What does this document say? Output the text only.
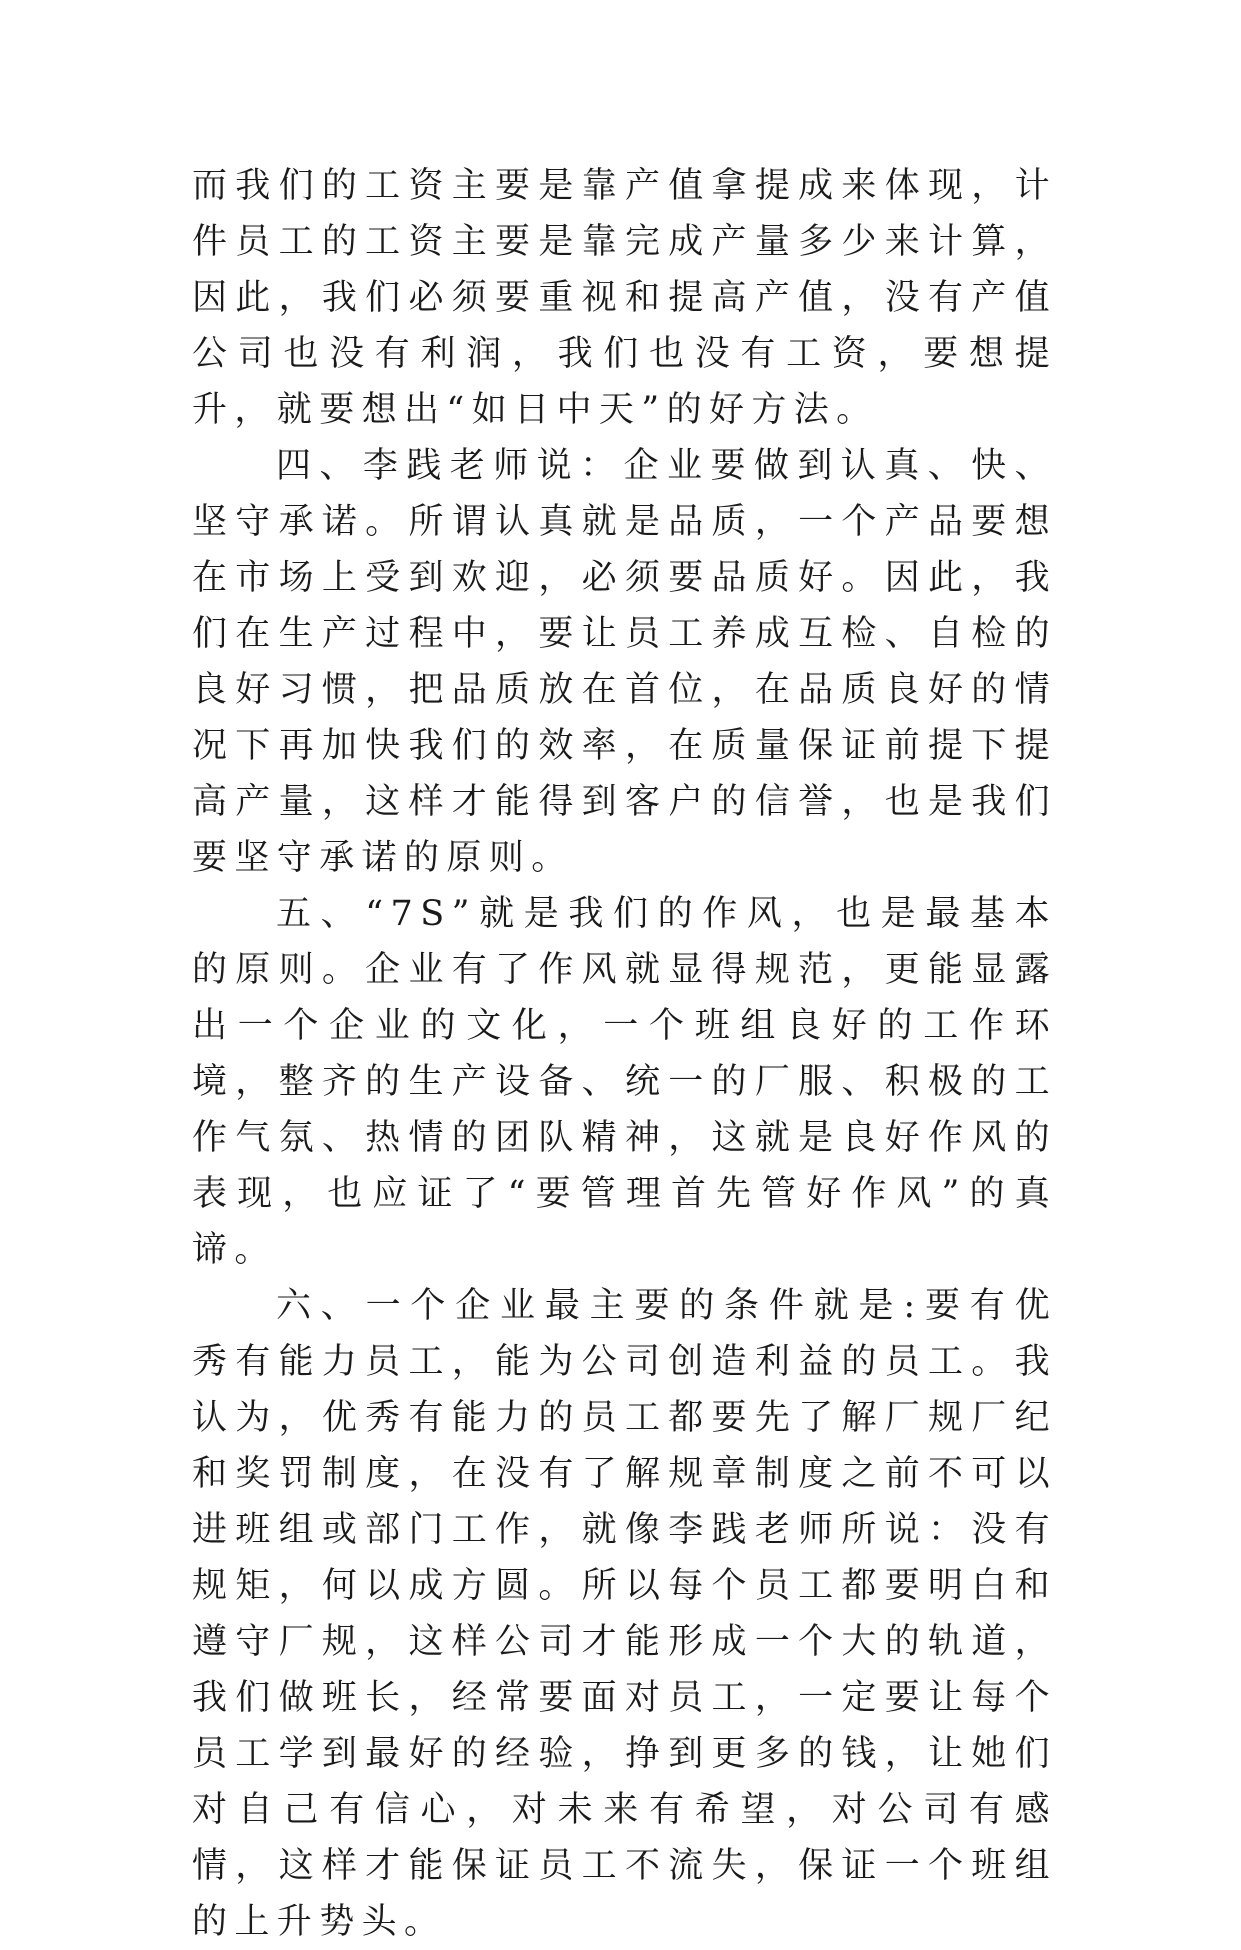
而我们的工资主要是靠产值拿提成来体现，计件员工的工资主要是靠完成产量多少来计算，因此，我们必须要重视和提高产值，没有产值公司也没有利润，我们也没有工资，要想提升，就要想出“如日中天”的好方法。

四、李践老师说：企业要做到认真、快、坚守承诺。所谓认真就是品质，一个产品要想在市场上受到欢迎，必须要品质好。因此，我们在生产过程中，要让员工养成互检、自检的良好习惯，把品质放在首位，在品质良好的情况下再加快我们的效率，在质量保证前提下提高产量，这样才能得到客户的信誉，也是我们要坚守承诺的原则。

五、“7S”就是我们的作风，也是最基本的原则。企业有了作风就显得规范，更能显露出一个企业的文化，一个班组良好的工作环境，整齐的生产设备、统一的厂服、积极的工作气氛、热情的团队精神，这就是良好作风的表现，也应证了“要管理首先管好作风”的真谛。

六、一个企业最主要的条件就是:要有优秀有能力员工，能为公司创造利益的员工。我认为，优秀有能力的员工都要先了解厂规厂纪和奖罚制度，在没有了解规章制度之前不可以进班组或部门工作，就像李践老师所说：没有规矩，何以成方圆。所以每个员工都要明白和遵守厂规，这样公司才能形成一个大的轨道，我们做班长，经常要面对员工，一定要让每个员工学到最好的经验，挣到更多的钱，让她们对自己有信心，对未来有希望，对公司有感情，这样才能保证员工不流失，保证一个班组的上升势头。
